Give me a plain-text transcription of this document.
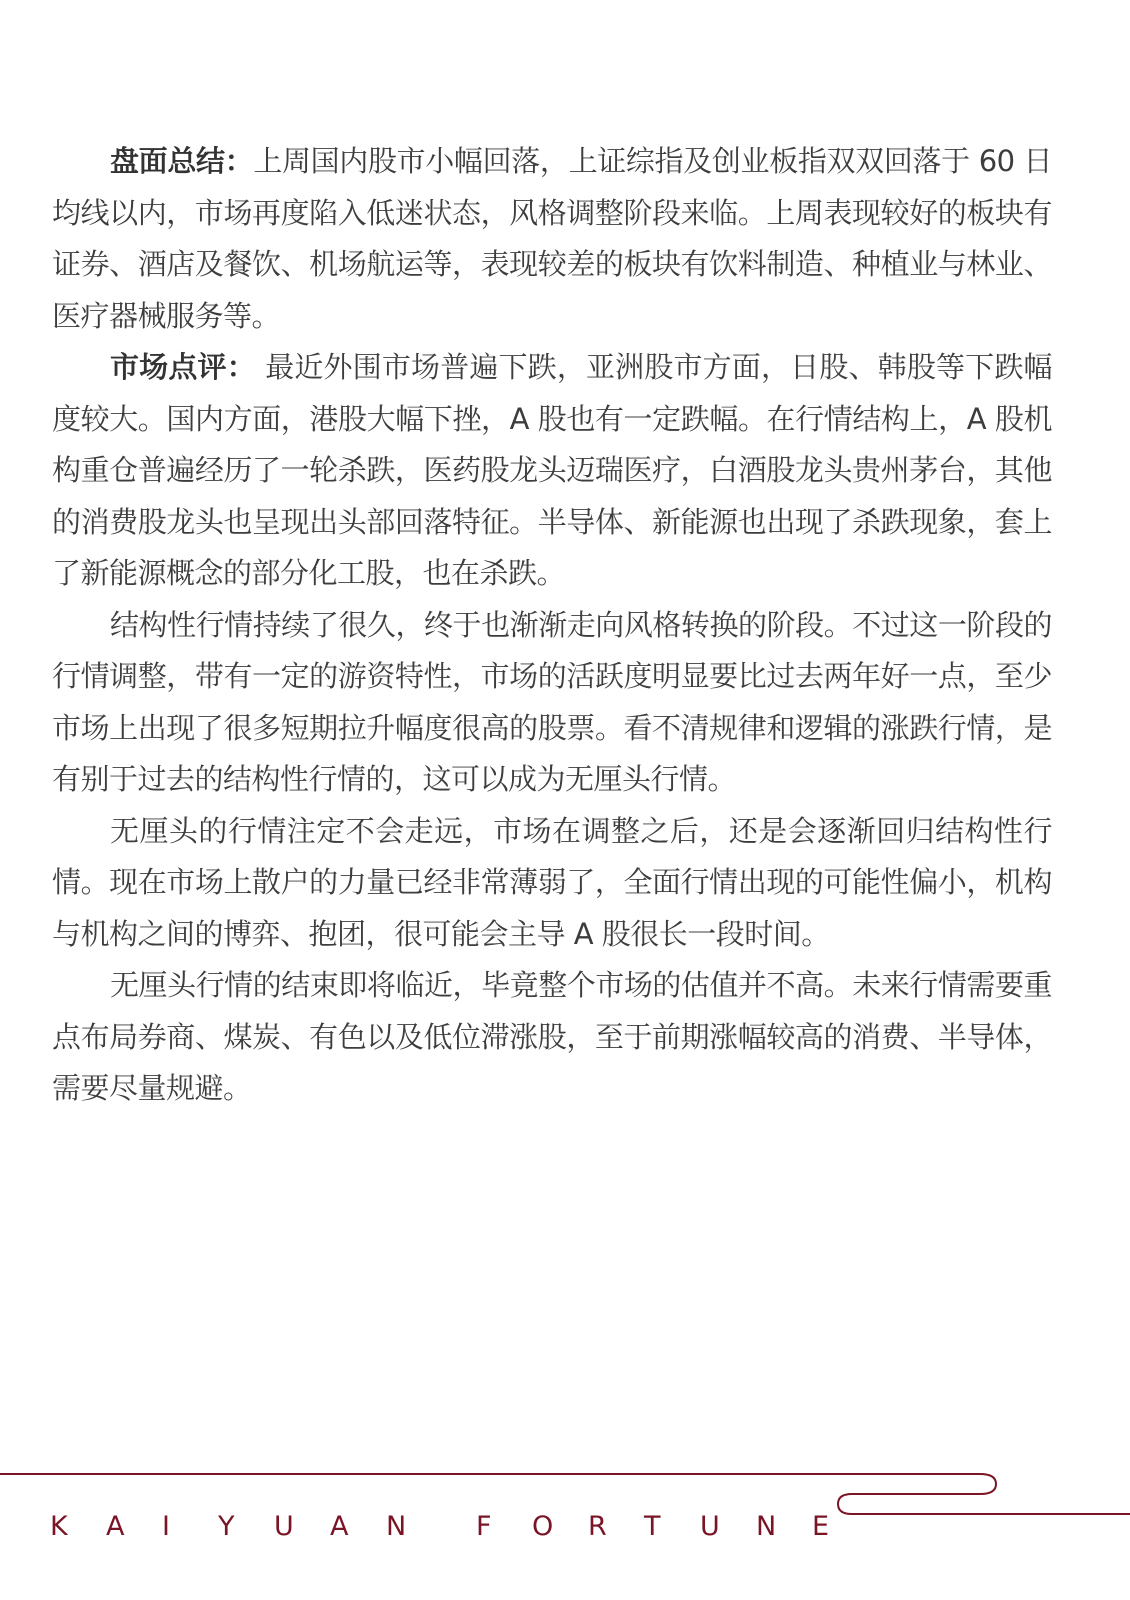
盘面总结：上周国内股市小幅回落，上证综指及创业板指双双回落于 60 日均线以内，市场再度陷入低迷状态，风格调整阶段来临。上周表现较好的板块有证券、酒店及餐饮、机场航运等，表现较差的板块有饮料制造、种植业与林业、医疗器械服务等。

市场点评： 最近外围市场普遍下跌，亚洲股市方面，日股、韩股等下跌幅度较大。国内方面，港股大幅下挫，A 股也有一定跌幅。在行情结构上，A 股机构重仓普遍经历了一轮杀跌，医药股龙头迈瑞医疗，白酒股龙头贵州茅台，其他的消费股龙头也呈现出头部回落特征。半导体、新能源也出现了杀跌现象，套上了新能源概念的部分化工股，也在杀跌。

结构性行情持续了很久，终于也渐渐走向风格转换的阶段。不过这一阶段的行情调整，带有一定的游资特性，市场的活跃度明显要比过去两年好一点，至少市场上出现了很多短期拉升幅度很高的股票。看不清规律和逻辑的涨跌行情，是有别于过去的结构性行情的，这可以成为无厘头行情。

无厘头的行情注定不会走远，市场在调整之后，还是会逐渐回归结构性行情。现在市场上散户的力量已经非常薄弱了，全面行情出现的可能性偏小，机构与机构之间的博弈、抱团，很可能会主导 A 股很长一段时间。

无厘头行情的结束即将临近，毕竟整个市场的估值并不高。未来行情需要重点布局券商、煤炭、有色以及低位滞涨股，至于前期涨幅较高的消费、半导体，需要尽量规避。

K	A	I	Y	U	A	N	F	O	R	T	U	N	E
